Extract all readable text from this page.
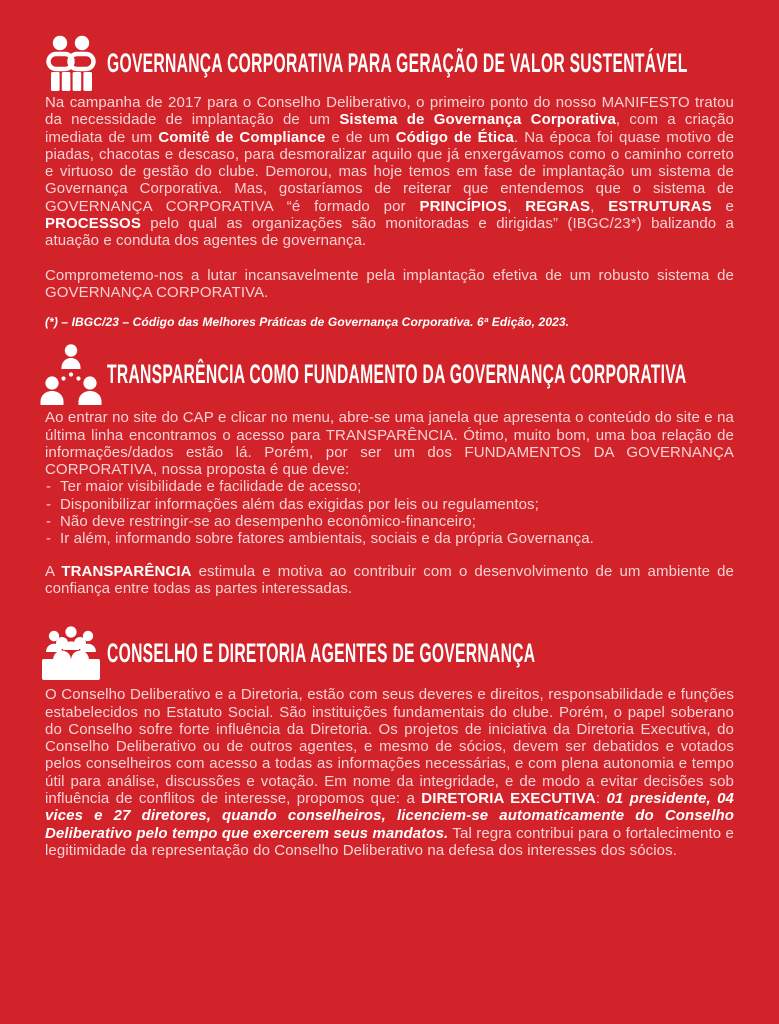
GOVERNANÇA CORPORATIVA PARA GERAÇÃO DE VALOR SUSTENTÁVEL

Na campanha de 2017 para o Conselho Deliberativo, o primeiro ponto do nosso MANIFESTO tratou da necessidade de implantação de um Sistema de Governança Corporativa, com a criação imediata de um Comitê de Compliance e de um Código de Ética. Na época foi quase motivo de piadas, chacotas e descaso, para desmoralizar aquilo que já enxergávamos como o caminho correto e virtuoso de gestão do clube. Demorou, mas hoje temos em fase de implantação um sistema de Governança Corporativa. Mas, gostaríamos de reiterar que entendemos que o sistema de GOVERNANÇA CORPORATIVA “é formado por PRINCÍPIOS, REGRAS, ESTRUTURAS e PROCESSOS pelo qual as organizações são monitoradas e dirigidas” (IBGC/23*) balizando a atuação e conduta dos agentes de governança.

Comprometemo-nos a lutar incansavelmente pela implantação efetiva de um robusto sistema de GOVERNANÇA CORPORATIVA.

(*) – IBGC/23 – Código das Melhores Práticas de Governança Corporativa. 6ª Edição, 2023.

TRANSPARÊNCIA COMO FUNDAMENTO DA GOVERNANÇA CORPORATIVA

Ao entrar no site do CAP e clicar no menu, abre-se uma janela que apresenta o conteúdo do site e na última linha encontramos o acesso para TRANSPARÊNCIA. Ótimo, muito bom, uma boa relação de informações/dados estão lá. Porém, por ser um dos FUNDAMENTOS DA GOVERNANÇA CORPORATIVA, nossa proposta é que deve:

- Ter maior visibilidade e facilidade de acesso;
- Disponibilizar informações além das exigidas por leis ou regulamentos;
- Não deve restringir-se ao desempenho econômico-financeiro;
- Ir além, informando sobre fatores ambientais, sociais e da própria Governança.

A TRANSPARÊNCIA estimula e motiva ao contribuir com o desenvolvimento de um ambiente de confiança entre todas as partes interessadas.

CONSELHO E DIRETORIA AGENTES DE GOVERNANÇA

O Conselho Deliberativo e a Diretoria, estão com seus deveres e direitos, responsabilidade e funções estabelecidos no Estatuto Social. São instituições fundamentais do clube. Porém, o papel soberano do Conselho sofre forte influência da Diretoria. Os projetos de iniciativa da Diretoria Executiva, do Conselho Deliberativo ou de outros agentes, e mesmo de sócios, devem ser debatidos e votados pelos conselheiros com acesso a todas as informações necessárias, e com plena autonomia e tempo útil para análise, discussões e votação. Em nome da integridade, e de modo a evitar decisões sob influência de conflitos de interesse, propomos que: a DIRETORIA EXECUTIVA: 01 presidente, 04 vices e 27 diretores, quando conselheiros, licenciem-se automaticamente do Conselho Deliberativo pelo tempo que exercerem seus mandatos. Tal regra contribui para o fortalecimento e legitimidade da representação do Conselho Deliberativo na defesa dos interesses dos sócios.
